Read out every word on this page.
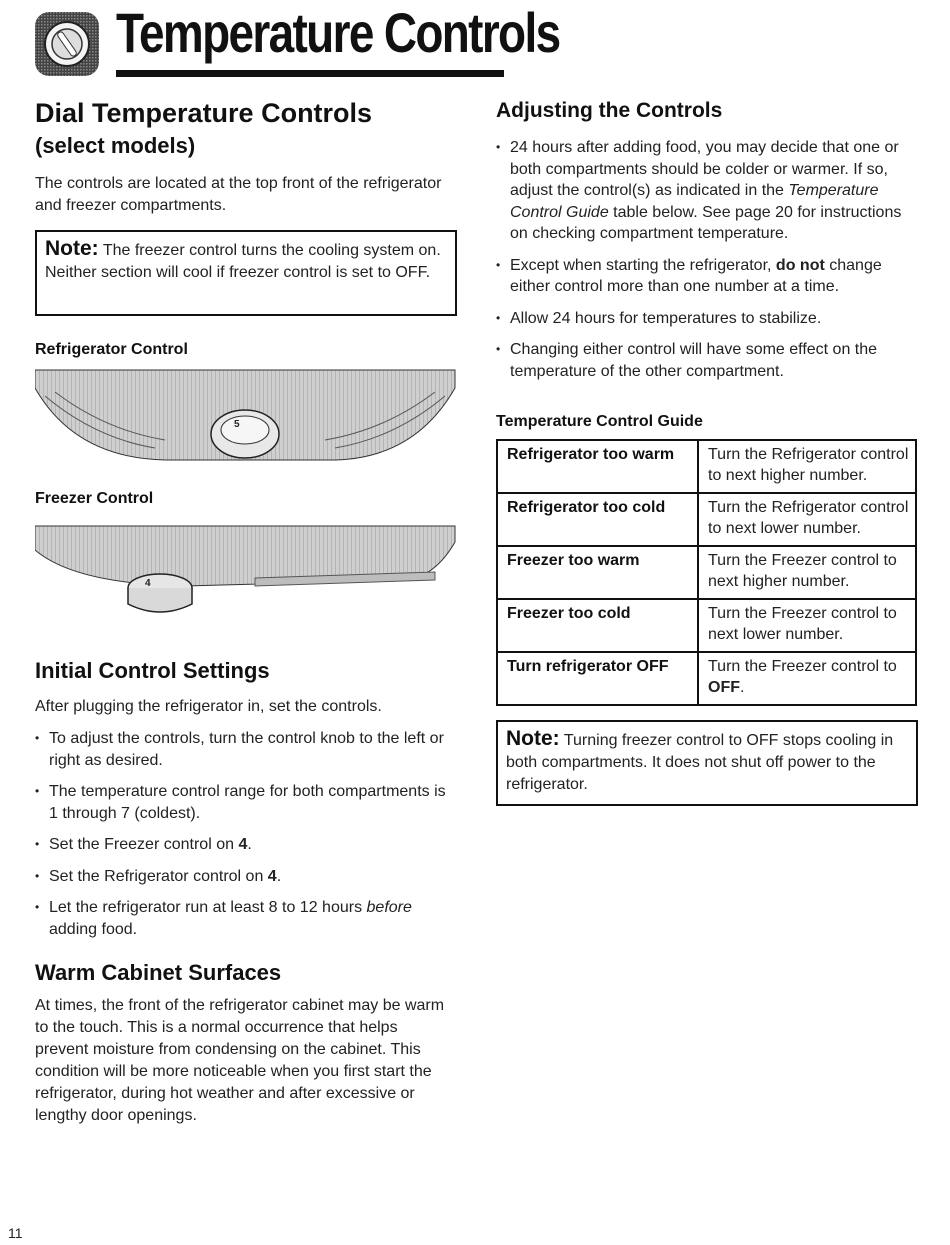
Temperature Controls
Dial Temperature Controls
(select models)

The controls are located at the top front of the refrigerator and freezer compartments.

Note: The freezer control turns the cooling system on. Neither section will cool if freezer control is set to OFF.
Refrigerator Control
5
Freezer Control
4
Initial Control Settings

After plugging the refrigerator in, set the controls.

• To adjust the controls, turn the control knob to the left or right as desired.
• The temperature control range for both compartments is 1 through 7 (coldest).
• Set the Freezer control on 4.
• Set the Refrigerator control on 4.
• Let the refrigerator run at least 8 to 12 hours before adding food.
Warm Cabinet Surfaces

At times, the front of the refrigerator cabinet may be warm to the touch. This is a normal occurrence that helps prevent moisture from condensing on the cabinet. This condition will be more noticeable when you first start the refrigerator, during hot weather and after excessive or lengthy door openings.

Adjusting the Controls
• 24 hours after adding food, you may decide that one or both compartments should be colder or warmer. If so, adjust the control(s) as indicated in the Temperature Control Guide table below. See page 20 for instructions on checking compartment temperature.
• Except when starting the refrigerator, do not change either control more than one number at a time.
• Allow 24 hours for temperatures to stabilize.
• Changing either control will have some effect on the temperature of the other compartment.
Temperature Control Guide
Refrigerator too warm	Turn the Refrigerator control to next higher number.
Refrigerator too cold	Turn the Refrigerator control to next lower number.
Freezer too warm	Turn the Freezer control to next higher number.
Freezer too cold	Turn the Freezer control to next lower number.
Turn refrigerator OFF	Turn the Freezer control to OFF.
Note: Turning freezer control to OFF stops cooling in both compartments. It does not shut off power to the refrigerator.
11
